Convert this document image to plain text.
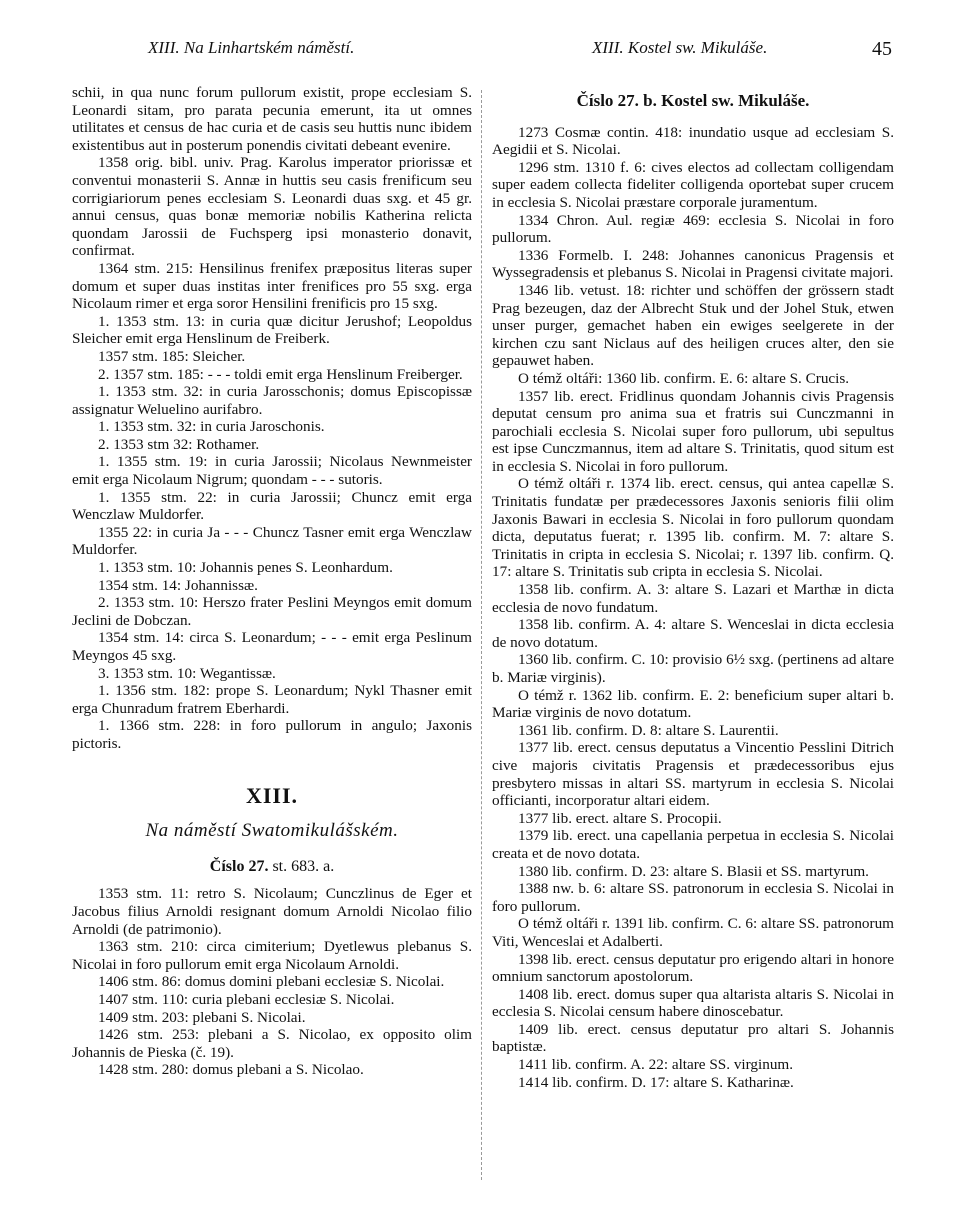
XIII. Na Linhartském náměstí.	XIII. Kostel sw. Mikuláše.	45

schii, in qua nunc forum pullorum existit, prope ecclesiam S. Leonardi sitam, pro parata pecunia emerunt, ita ut omnes utilitates et census de hac curia et de casis seu huttis nunc ibidem existentibus aut in posterum ponendis civitati debeant evenire.

1358 orig. bibl. univ. Prag. Karolus imperator priorissæ et conventui monasterii S. Annæ in huttis seu casis frenificum seu corrigiariorum penes ecclesiam S. Leonardi duas sxg. et 45 gr. annui census, quas bonæ memoriæ nobilis Katherina relicta quondam Jarossii de Fuchsperg ipsi monasterio donavit, confirmat.

1364 stm. 215: Hensilinus frenifex præpositus literas super domum et super duas institas inter frenifices pro 55 sxg. erga Nicolaum rimer et erga soror Hensilini frenificis pro 15 sxg.

1. 1353 stm. 13: in curia quæ dicitur Jerushof; Leopoldus Sleicher emit erga Henslinum de Freiberk.

1357 stm. 185: Sleicher.

2. 1357 stm. 185: - - - toldi emit erga Henslinum Freiberger.

1. 1353 stm. 32: in curia Jarosschonis; domus Episcopissæ assignatur Weluelino aurifabro.

1. 1353 stm. 32: in curia Jaroschonis.

2. 1353 stm 32: Rothamer.

1. 1355 stm. 19: in curia Jarossii; Nicolaus Newnmeister emit erga Nicolaum Nigrum; quondam - - - sutoris.

1. 1355 stm. 22: in curia Jarossii; Chuncz emit erga Wenczlaw Muldorfer.

1355 22: in curia Ja - - - Chuncz Tasner emit erga Wenczlaw Muldorfer.

1. 1353 stm. 10: Johannis penes S. Leonhardum.

1354 stm. 14: Johannissæ.

2. 1353 stm. 10: Herszo frater Peslini Meyngos emit domum Jeclini de Dobczan.

1354 stm. 14: circa S. Leonardum; - - - emit erga Peslinum Meyngos 45 sxg.

3. 1353 stm. 10: Wegantissæ.

1. 1356 stm. 182: prope S. Leonardum; Nykl Thasner emit erga Chunradum fratrem Eberhardi.

1. 1366 stm. 228: in foro pullorum in angulo; Jaxonis pictoris.

XIII.
Na náměstí Swatomikulášském.
Číslo 27. st. 683. a.

1353 stm. 11: retro S. Nicolaum; Cunczlinus de Eger et Jacobus filius Arnoldi resignant domum Arnoldi Nicolao filio Arnoldi (de patrimonio).

1363 stm. 210: circa cimiterium; Dyetlewus plebanus S. Nicolai in foro pullorum emit erga Nicolaum Arnoldi.

1406 stm. 86: domus domini plebani ecclesiæ S. Nicolai.

1407 stm. 110: curia plebani ecclesiæ S. Nicolai.

1409 stm. 203: plebani S. Nicolai.

1426 stm. 253: plebani a S. Nicolao, ex opposito olim Johannis de Pieska (č. 19).

1428 stm. 280: domus plebani a S. Nicolao.

Číslo 27. b. Kostel sw. Mikuláše.

1273 Cosmæ contin. 418: inundatio usque ad ecclesiam S. Aegidii et S. Nicolai.

1296 stm. 1310 f. 6: cives electos ad collectam colligendam super eadem collecta fideliter colligenda oportebat super crucem in ecclesia S. Nicolai præstare corporale juramentum.

1334 Chron. Aul. regiæ 469: ecclesia S. Nicolai in foro pullorum.

1336 Formelb. I. 248: Johannes canonicus Pragensis et Wyssegradensis et plebanus S. Nicolai in Pragensi civitate majori.

1346 lib. vetust. 18: richter und schöffen der grössern stadt Prag bezeugen, daz der Albrecht Stuk und der Johel Stuk, etwen unser purger, gemachet haben ein ewiges seelgerete in der kirchen czu sant Niclaus auf des heiligen cruces alter, den sie gepauwet haben.

O témž oltáři: 1360 lib. confirm. E. 6: altare S. Crucis.

1357 lib. erect. Fridlinus quondam Johannis civis Pragensis deputat censum pro anima sua et fratris sui Cunczmanni in parochiali ecclesia S. Nicolai super foro pullorum, ubi sepultus est ipse Cunczmannus, item ad altare S. Trinitatis, quod situm est in ecclesia S. Nicolai in foro pullorum.

O témž oltáři r. 1374 lib. erect. census, qui antea capellæ S. Trinitatis fundatæ per prædecessores Jaxonis senioris filii olim Jaxonis Bawari in ecclesia S. Nicolai in foro pullorum quondam dicta, deputatus fuerat; r. 1395 lib. confirm. M. 7: altare S. Trinitatis in cripta in ecclesia S. Nicolai; r. 1397 lib. confirm. Q. 17: altare S. Trinitatis sub cripta in ecclesia S. Nicolai.

1358 lib. confirm. A. 3: altare S. Lazari et Marthæ in dicta ecclesia de novo fundatum.

1358 lib. confirm. A. 4: altare S. Wenceslai in dicta ecclesia de novo dotatum.

1360 lib. confirm. C. 10: provisio 6½ sxg. (pertinens ad altare b. Mariæ virginis).

O témž r. 1362 lib. confirm. E. 2: beneficium super altari b. Mariæ virginis de novo dotatum.

1361 lib. confirm. D. 8: altare S. Laurentii.

1377 lib. erect. census deputatus a Vincentio Pesslini Ditrich cive majoris civitatis Pragensis et prædecessoribus ejus presbytero missas in altari SS. martyrum in ecclesia S. Nicolai officianti, incorporatur altari eidem.

1377 lib. erect. altare S. Procopii.

1379 lib. erect. una capellania perpetua in ecclesia S. Nicolai creata et de novo dotata.

1380 lib. confirm. D. 23: altare S. Blasii et SS. martyrum.

1388 nw. b. 6: altare SS. patronorum in ecclesia S. Nicolai in foro pullorum.

O témž oltáři r. 1391 lib. confirm. C. 6: altare SS. patronorum Viti, Wenceslai et Adalberti.

1398 lib. erect. census deputatur pro erigendo altari in honore omnium sanctorum apostolorum.

1408 lib. erect. domus super qua altarista altaris S. Nicolai in ecclesia S. Nicolai censum habere dinoscebatur.

1409 lib. erect. census deputatur pro altari S. Johannis baptistæ.

1411 lib. confirm. A. 22: altare SS. virginum.

1414 lib. confirm. D. 17: altare S. Katharinæ.
